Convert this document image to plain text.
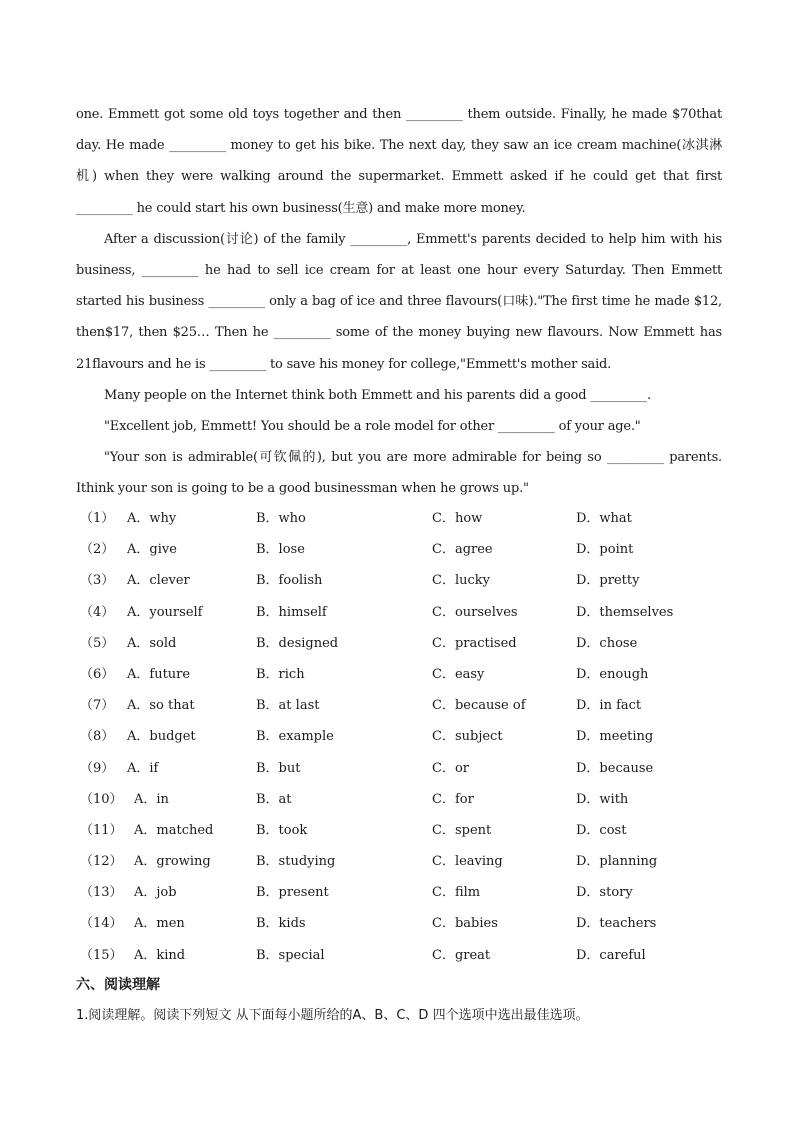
one. Emmett got some old toys together and then _________ them outside. Finally, he made $70that day. He made _________ money to get his bike. The next day, they saw an ice cream machine(冰淇淋机) when they were walking around the supermarket. Emmett asked if he could get that first _________ he could start his own business(生意) and make more money.

After a discussion(讨论) of the family _________, Emmett's parents decided to help him with his business, _________ he had to sell ice cream for at least one hour every Saturday. Then Emmett started his business _________ only a bag of ice and three flavours(口味)."The first time he made $12, then$17, then $25… Then he _________ some of the money buying new flavours. Now Emmett has 21flavours and he is _________ to save his money for college,"Emmett's mother said.

Many people on the Internet think both Emmett and his parents did a good _________.

"Excellent job, Emmett! You should be a role model for other _________ of your age."

"Your son is admirable(可钦佩的), but you are more admirable for being so _________ parents. Ithink your son is going to be a good businessman when he grows up."

（1） A．why	B．who	C．how	D．what
（2） A．give	B．lose	C．agree	D．point
（3） A．clever	B．foolish	C．lucky	D．pretty
（4） A．yourself	B．himself	C．ourselves	D．themselves
（5） A．sold	B．designed	C．practised	D．chose
（6） A．future	B．rich	C．easy	D．enough
（7） A．so that	B．at last	C．because of	D．in fact
（8） A．budget	B．example	C．subject	D．meeting
（9） A．if	B．but	C．or	D．because
（10） A．in	B．at	C．for	D．with
（11） A．matched	B．took	C．spent	D．cost
（12） A．growing	B．studying	C．leaving	D．planning
（13） A．job	B．present	C．film	D．story
（14） A．men	B．kids	C．babies	D．teachers
（15） A．kind	B．special	C．great	D．careful
六、阅读理解
1.阅读理解。阅读下列短文 从下面每小题所给的A、B、C、D 四个选项中选出最佳选项。
